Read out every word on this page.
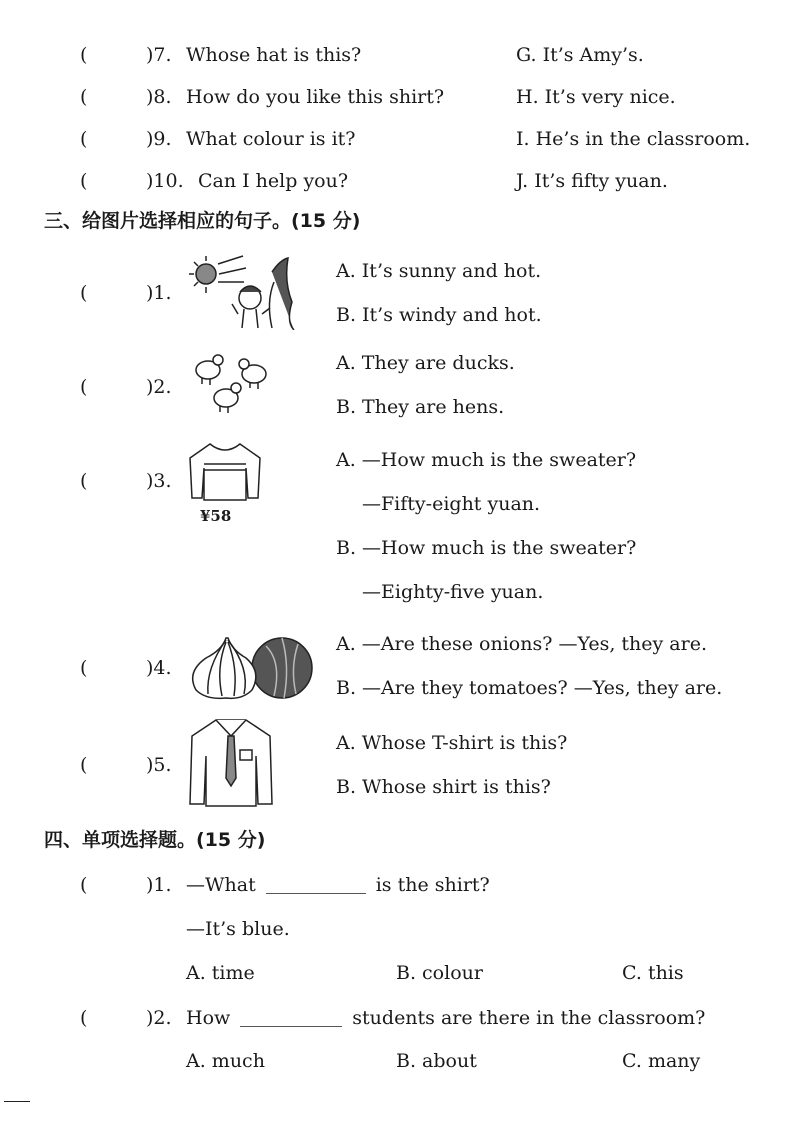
(	)7. Whose hat is this?	G. It’s Amy’s.
(	)8. How do you like this shirt?	H. It’s very nice.
(	)9. What colour is it?	I. He’s in the classroom.
(	)10. Can I help you?	J. It’s fifty yuan.
三、给图片选择相应的句子。(15 分)
(	)1.
A. It’s sunny and hot.
B. It’s windy and hot.
(	)2.
A. They are ducks.
B. They are hens.
(	)3.
¥58
A. —How much is the sweater?
—Fifty-eight yuan.
B. —How much is the sweater?
—Eighty-five yuan.
(	)4.
A. —Are these onions? —Yes, they are.
B. —Are they tomatoes? —Yes, they are.
(	)5.
A. Whose T-shirt is this?
B. Whose shirt is this?
四、单项选择题。(15 分)
(	)1. —What	is the shirt?
—It’s blue.
A. time	B. colour	C. this
(	)2. How	students are there in the classroom?
A. much	B. about	C. many
